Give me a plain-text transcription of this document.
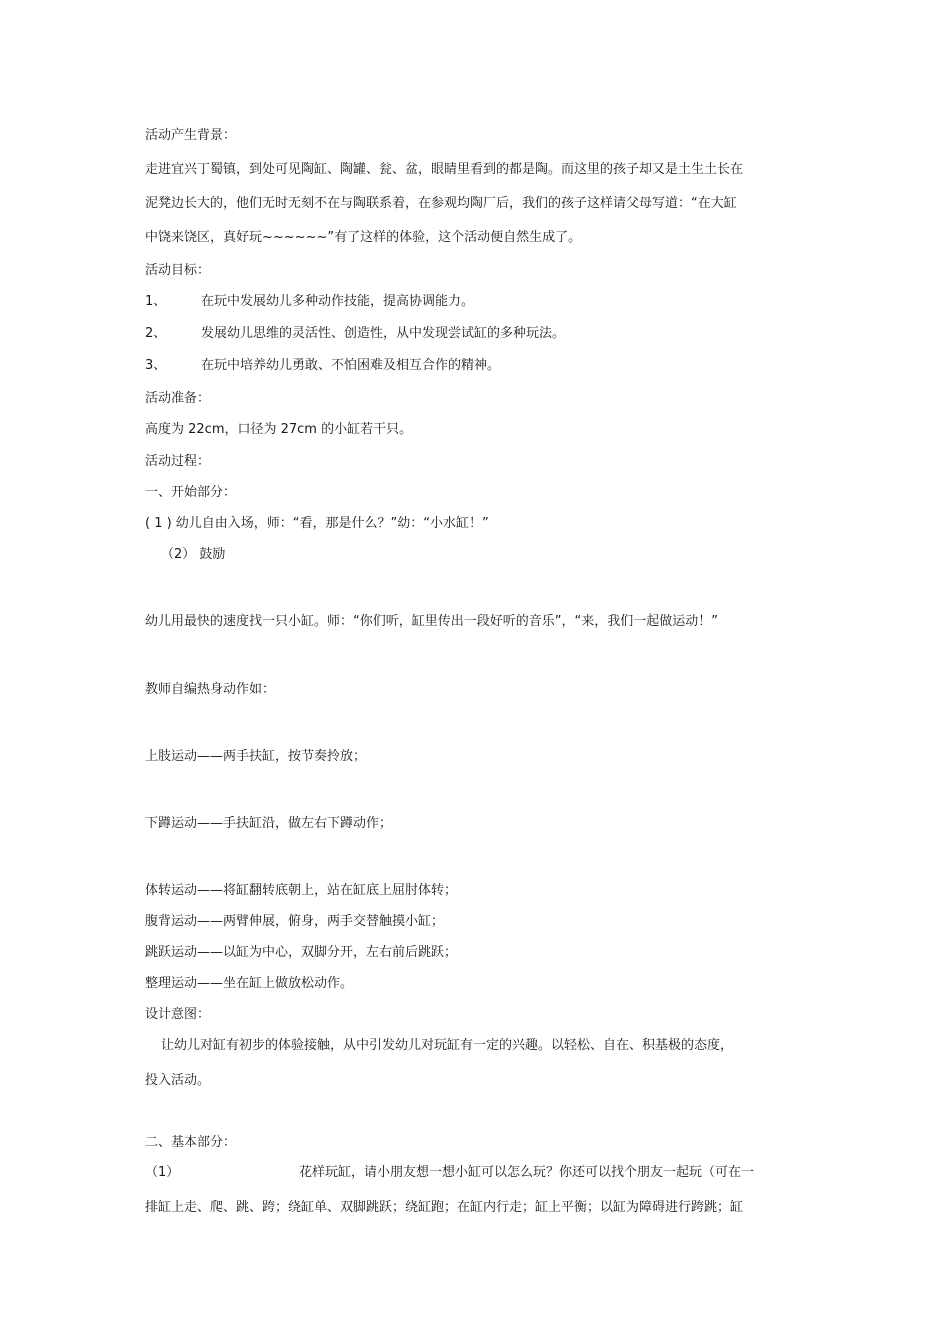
活动产生背景：
走进宜兴丁蜀镇，到处可见陶缸、陶罐、瓮、盆，眼睛里看到的都是陶。而这里的孩子却又是土生土长在
泥凳边长大的，他们无时无刻不在与陶联系着，在参观均陶厂后，我们的孩子这样请父母写道：“在大缸
中饶来饶区，真好玩~~~~~~”有了这样的体验，这个活动便自然生成了。
活动目标：
1、	在玩中发展幼儿多种动作技能，提高协调能力。
2、	发展幼儿思维的灵活性、创造性，从中发现尝试缸的多种玩法。
3、	在玩中培养幼儿勇敢、不怕困难及相互合作的精神。
活动准备：
高度为 22cm，口径为 27cm 的小缸若干只。
活动过程：
一、开始部分：
( 1 ) 幼儿自由入场，师：“看，那是什么？”幼：“小水缸！”
（2） 鼓励
幼儿用最快的速度找一只小缸。师：“你们听，缸里传出一段好听的音乐”，“来，我们一起做运动！”
教师自编热身动作如：
上肢运动——两手扶缸，按节奏拎放；
下蹲运动——手扶缸沿，做左右下蹲动作；
体转运动——将缸翻转底朝上，站在缸底上屈肘体转；
腹背运动——两臂伸展，俯身，两手交替触摸小缸；
跳跃运动——以缸为中心，双脚分开，左右前后跳跃；
整理运动——坐在缸上做放松动作。
设计意图：
让幼儿对缸有初步的体验接触，从中引发幼儿对玩缸有一定的兴趣。以轻松、自在、积基极的态度，
投入活动。
二、基本部分：
（1）	花样玩缸，请小朋友想一想小缸可以怎么玩？你还可以找个朋友一起玩（可在一
排缸上走、爬、跳、跨；绕缸单、双脚跳跃；绕缸跑；在缸内行走；缸上平衡；以缸为障碍进行跨跳；缸
